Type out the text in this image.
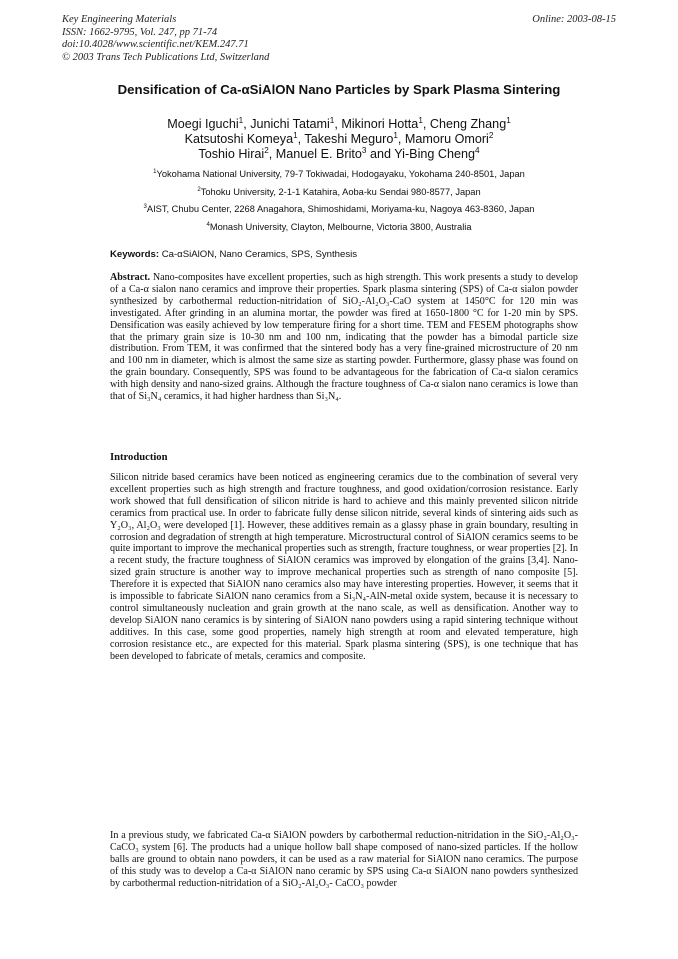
Key Engineering Materials
ISSN: 1662-9795, Vol. 247, pp 71-74
doi:10.4028/www.scientific.net/KEM.247.71
© 2003 Trans Tech Publications Ltd, Switzerland
Online: 2003-08-15
Densification of Ca-αSiAlON Nano Particles by Spark Plasma Sintering
Moegi Iguchi$^1$, Junichi Tatami$^1$, Mikinori Hotta$^1$, Cheng Zhang$^1$
Katsutoshi Komeya$^1$, Takeshi Meguro$^1$, Mamoru Omori$^2$
Toshio Hirai$^2$, Manuel E. Brito$^3$ and Yi-Bing Cheng$^4$
$^1$Yokohama National University, 79-7 Tokiwadai, Hodogayaku, Yokohama 240-8501, Japan
$^2$Tohoku University, 2-1-1 Katahira, Aoba-ku Sendai 980-8577, Japan
$^3$AIST, Chubu Center, 2268 Anagahora, Shimoshidami, Moriyama-ku, Nagoya 463-8360, Japan
$^4$Monash University, Clayton, Melbourne, Victoria 3800, Australia
Keywords: Ca-αSiAlON, Nano Ceramics, SPS, Synthesis
Abstract. Nano-composites have excellent properties, such as high strength. This work presents a study to develop of a Ca-α sialon nano ceramics and improve their properties. Spark plasma sintering (SPS) of Ca-α sialon powder synthesized by carbothermal reduction-nitridation of SiO₂-Al₂O₃-CaO system at 1450°C for 120 min was investigated. After grinding in an alumina mortar, the powder was fired at 1650-1800 °C for 1-20 min by SPS. Densification was easily achieved by low temperature firing for a short time. TEM and FESEM photographs show that the primary grain size is 10-30 nm and 100 nm, indicating that the powder has a bimodal particle size distribution. From TEM, it was confirmed that the sintered body has a very fine-grained microstructure of 20 nm and 100 nm in diameter, which is almost the same size as starting powder. Furthermore, glassy phase was found on the grain boundary. Consequently, SPS was found to be advantageous for the fabrication of Ca-α sialon ceramics with high density and nano-sized grains. Although the fracture toughness of Ca-α sialon nano ceramics is lowe than that of Si₃N₄ ceramics, it had higher hardness than Si₃N₄.
Introduction
Silicon nitride based ceramics have been noticed as engineering ceramics due to the combination of several very excellent properties such as high strength and fracture toughness, and good oxidation/corrosion resistance. Early work showed that full densification of silicon nitride is hard to achieve and this mainly prevented silicon nitride ceramics from practical use. In order to fabricate fully dense silicon nitride, several kinds of sintering aids such as Y₂O₃, Al₂O₃ were developed [1]. However, these additives remain as a glassy phase in grain boundary, resulting in corrosion and degradation of strength at high temperature. Microstructural control of SiAlON ceramics seems to be quite important to improve the mechanical properties such as strength, fracture toughness, or wear properties [2]. In a recent study, the fracture toughness of SiAlON ceramics was improved by elongation of the grains [3,4]. Nano-sized grain structure is another way to improve mechanical properties such as strength of nano composite [5]. Therefore it is expected that SiAlON nano ceramics also may have interesting properties. However, it seems that it is impossible to fabricate SiAlON nano ceramics from a Si₃N₄-AlN-metal oxide system, because it is necessary to control simultaneously nucleation and grain growth at the nano scale, as well as densification. Another way to develop SiAlON nano ceramics is by sintering of SiAlON nano powders using a rapid sintering technique without additives. In this case, some good properties, namely high strength at room and elevated temperature, high corrosion resistance etc., are expected for this material. Spark plasma sintering (SPS), is one technique that has been developed to fabricate of metals, ceramics and composite.
In a previous study, we fabricated Ca-α SiAlON powders by carbothermal reduction-nitridation in the SiO₂-Al₂O₃-CaCO₃ system [6]. The products had a unique hollow ball shape composed of nano-sized particles. If the hollow balls are ground to obtain nano powders, it can be used as a raw material for SiAlON nano ceramics. The purpose of this study was to develop a Ca-α SiAlON nano ceramic by SPS using Ca-α SiAlON nano powders synthesized by carbothermal reduction-nitridation of a SiO₂-Al₂O₃- CaCO₃ powder
